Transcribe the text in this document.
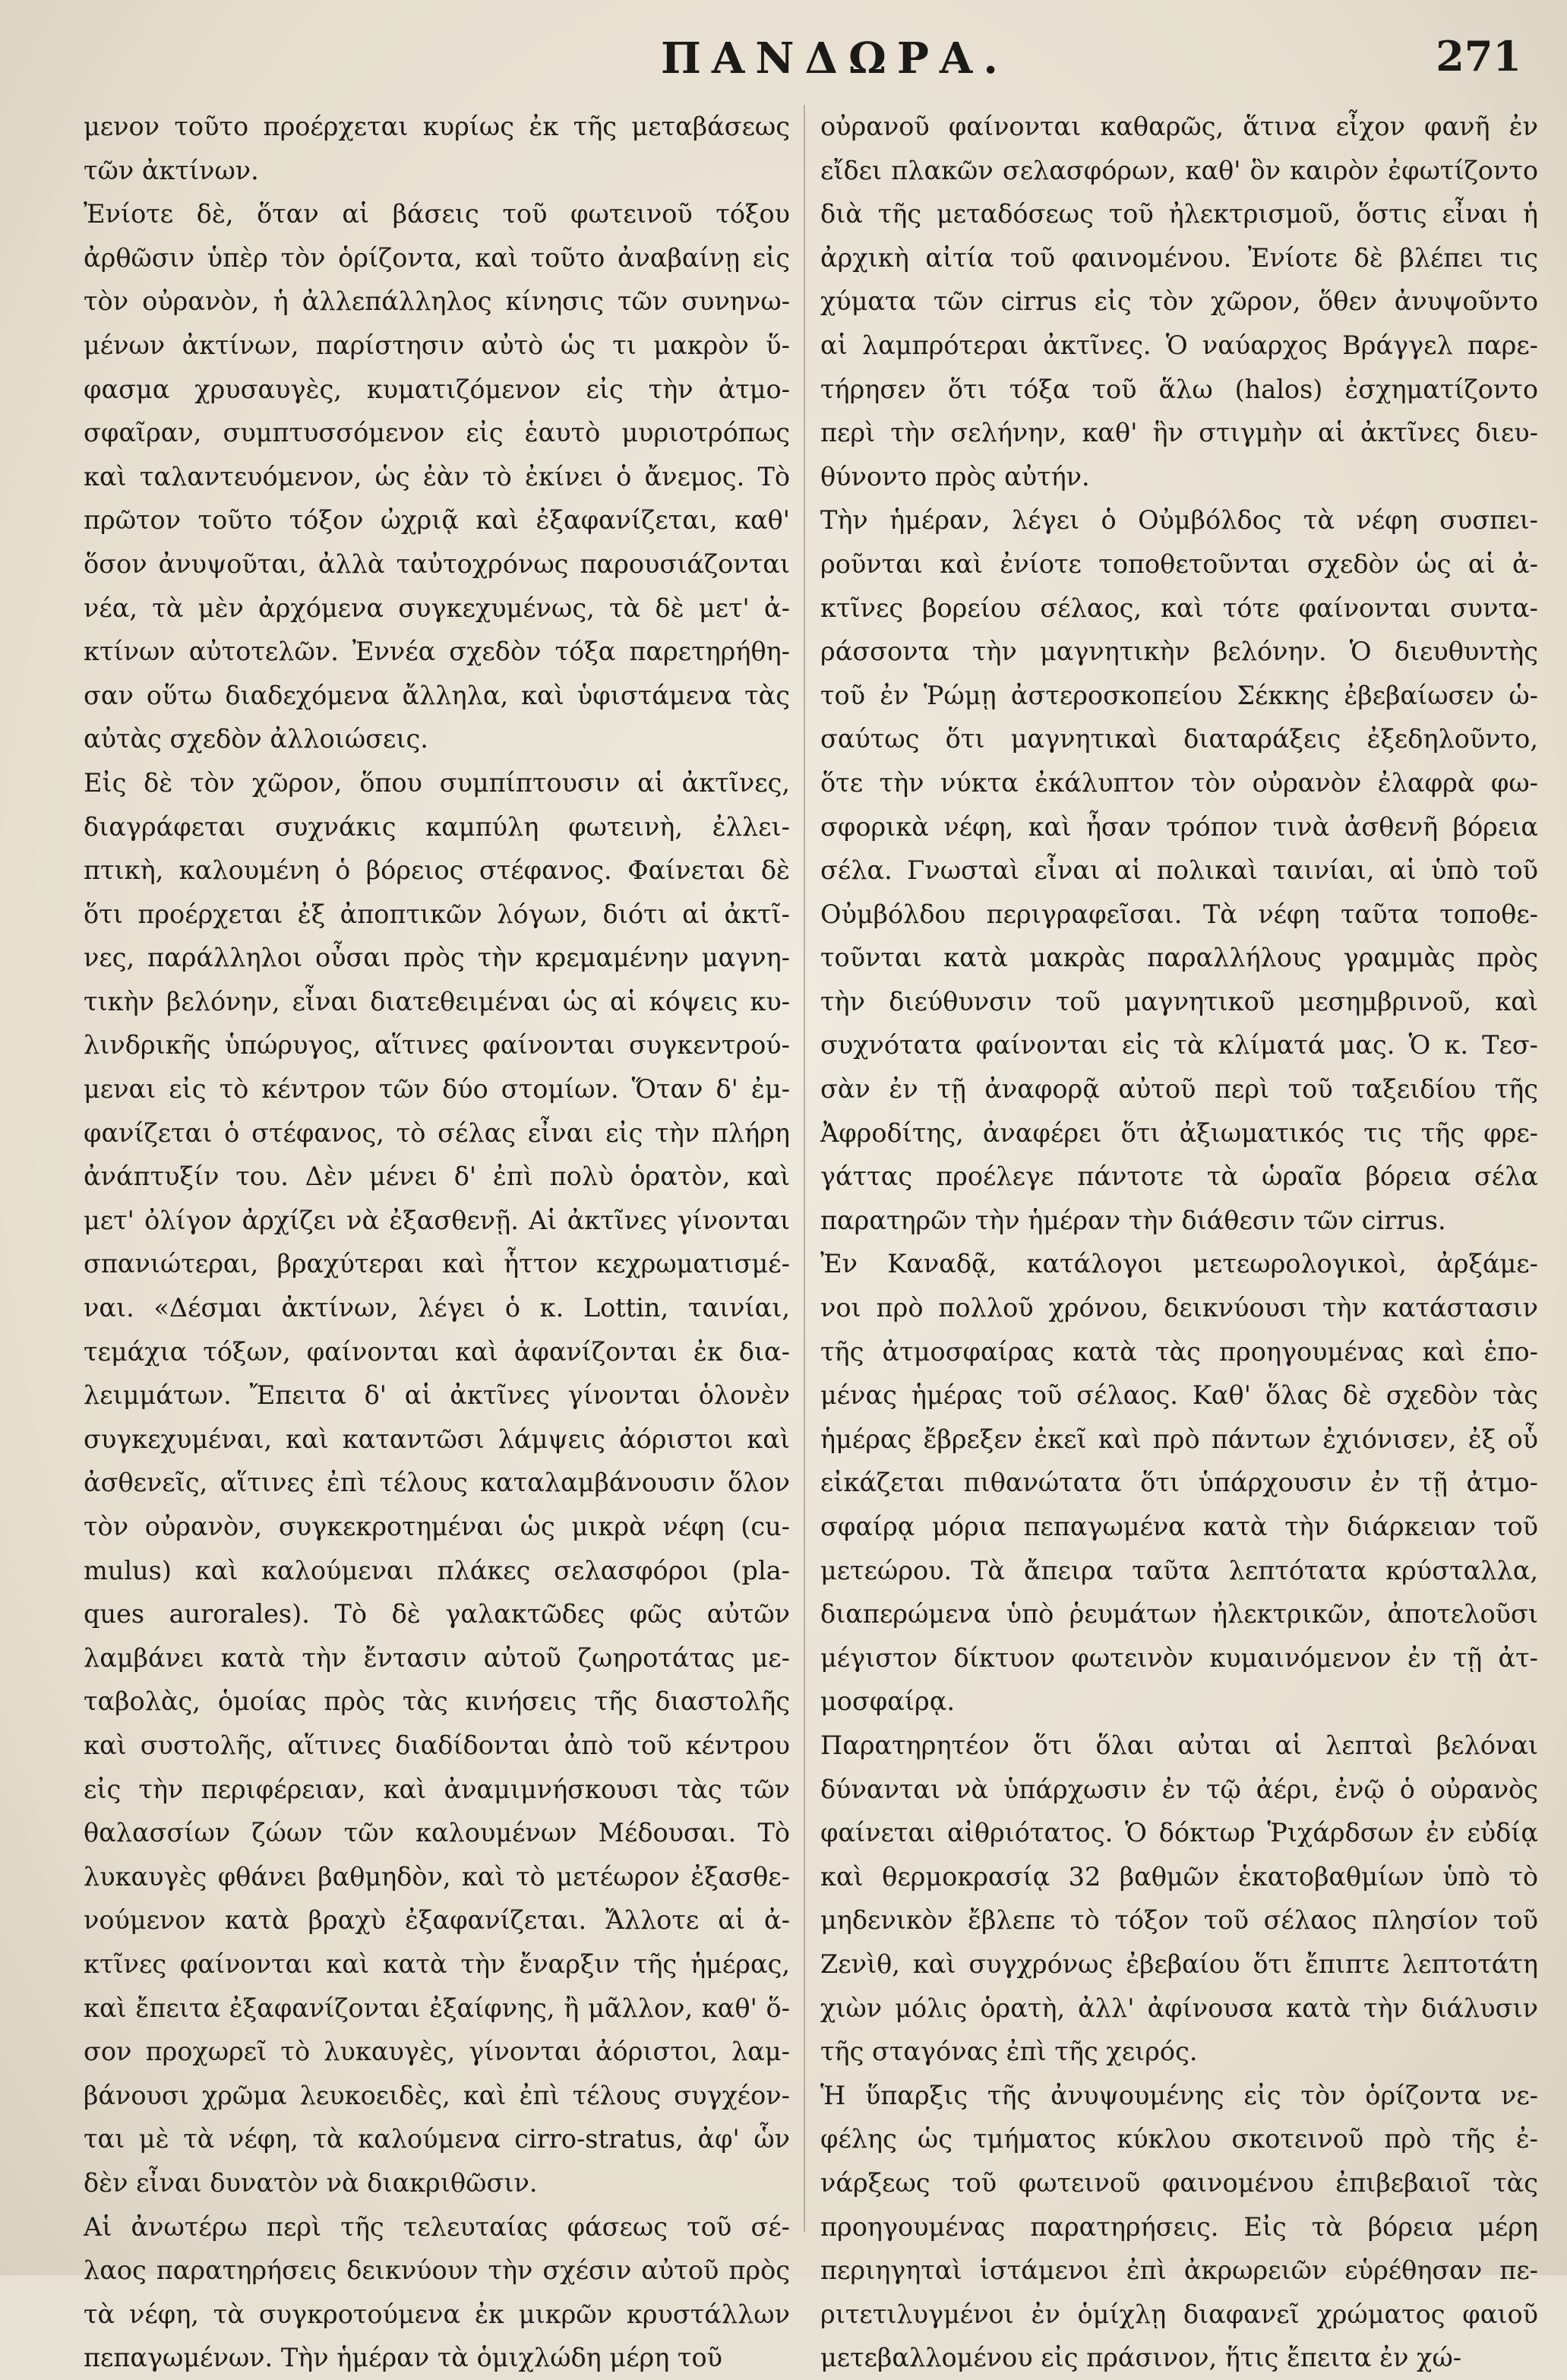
ΠΑΝΔΩΡΑ.	271

μενον τοῦτο προέρχεται κυρίως ἐκ τῆς μεταβάσεως

τῶν ἀκτίνων.

Ἐνίοτε δὲ, ὅταν αἱ βάσεις τοῦ φωτεινοῦ τόξου

ἀρθῶσιν ὑπὲρ τὸν ὁρίζοντα, καὶ τοῦτο ἀναβαίνῃ εἰς

τὸν οὐρανὸν, ἡ ἀλλεπάλληλος κίνησις τῶν συνηνω-

μένων ἀκτίνων, παρίστησιν αὐτὸ ὡς τι μακρὸν ὕ-

φασμα χρυσαυγὲς, κυματιζόμενον εἰς τὴν ἀτμο-

σφαῖραν, συμπτυσσόμενον εἰς ἑαυτὸ μυριοτρόπως

καὶ ταλαντευόμενον, ὡς ἐὰν τὸ ἐκίνει ὁ ἄνεμος. Τὸ

πρῶτον τοῦτο τόξον ὠχριᾷ καὶ ἐξαφανίζεται, καθ'

ὅσον ἀνυψοῦται, ἀλλὰ ταὐτοχρόνως παρουσιάζονται

νέα, τὰ μὲν ἀρχόμενα συγκεχυμένως, τὰ δὲ μετ' ἀ-

κτίνων αὐτοτελῶν. Ἐννέα σχεδὸν τόξα παρετηρήθη-

σαν οὕτω διαδεχόμενα ἄλληλα, καὶ ὑφιστάμενα τὰς

αὐτὰς σχεδὸν ἀλλοιώσεις.

Εἰς δὲ τὸν χῶρον, ὅπου συμπίπτουσιν αἱ ἀκτῖνες,

διαγράφεται συχνάκις καμπύλη φωτεινὴ, ἐλλει-

πτικὴ, καλουμένη ὁ βόρειος στέφανος. Φαίνεται δὲ

ὅτι προέρχεται ἐξ ἀποπτικῶν λόγων, διότι αἱ ἀκτῖ-

νες, παράλληλοι οὖσαι πρὸς τὴν κρεμαμένην μαγνη-

τικὴν βελόνην, εἶναι διατεθειμέναι ὡς αἱ κόψεις κυ-

λινδρικῆς ὑπώρυγος, αἵτινες φαίνονται συγκεντρού-

μεναι εἰς τὸ κέντρον τῶν δύο στομίων. Ὅταν δ' ἐμ-

φανίζεται ὁ στέφανος, τὸ σέλας εἶναι εἰς τὴν πλήρη

ἀνάπτυξίν του. Δὲν μένει δ' ἐπὶ πολὺ ὁρατὸν, καὶ

μετ' ὀλίγον ἀρχίζει νὰ ἐξασθενῇ. Αἱ ἀκτῖνες γίνονται

σπανιώτεραι, βραχύτεραι καὶ ἧττον κεχρωματισμέ-

ναι. «Δέσμαι ἀκτίνων, λέγει ὁ κ. Lottin, ταινίαι,

τεμάχια τόξων, φαίνονται καὶ ἀφανίζονται ἐκ δια-

λειμμάτων. Ἔπειτα δ' αἱ ἀκτῖνες γίνονται ὁλονὲν

συγκεχυμέναι, καὶ καταντῶσι λάμψεις ἀόριστοι καὶ

ἀσθενεῖς, αἵτινες ἐπὶ τέλους καταλαμβάνουσιν ὅλον

τὸν οὐρανὸν, συγκεκροτημέναι ὡς μικρὰ νέφη (cu-

mulus) καὶ καλούμεναι πλάκες σελασφόροι (pla-

ques aurorales). Τὸ δὲ γαλακτῶδες φῶς αὐτῶν

λαμβάνει κατὰ τὴν ἔντασιν αὐτοῦ ζωηροτάτας με-

ταβολὰς, ὁμοίας πρὸς τὰς κινήσεις τῆς διαστολῆς

καὶ συστολῆς, αἵτινες διαδίδονται ἀπὸ τοῦ κέντρου

εἰς τὴν περιφέρειαν, καὶ ἀναμιμνήσκουσι τὰς τῶν

θαλασσίων ζώων τῶν καλουμένων Μέδουσαι. Τὸ

λυκαυγὲς φθάνει βαθμηδὸν, καὶ τὸ μετέωρον ἐξασθε-

νούμενον κατὰ βραχὺ ἐξαφανίζεται. Ἄλλοτε αἱ ἀ-

κτῖνες φαίνονται καὶ κατὰ τὴν ἔναρξιν τῆς ἡμέρας,

καὶ ἔπειτα ἐξαφανίζονται ἐξαίφνης, ἢ μᾶλλον, καθ' ὅ-

σον προχωρεῖ τὸ λυκαυγὲς, γίνονται ἀόριστοι, λαμ-

βάνουσι χρῶμα λευκοειδὲς, καὶ ἐπὶ τέλους συγχέον-

ται μὲ τὰ νέφη, τὰ καλούμενα cirro-stratus, ἀφ' ὧν

δὲν εἶναι δυνατὸν νὰ διακριθῶσιν.

Αἱ ἀνωτέρω περὶ τῆς τελευταίας φάσεως τοῦ σέ-

λαος παρατηρήσεις δεικνύουν τὴν σχέσιν αὐτοῦ πρὸς

τὰ νέφη, τὰ συγκροτούμενα ἐκ μικρῶν κρυστάλλων

πεπαγωμένων. Τὴν ἡμέραν τὰ ὁμιχλώδη μέρη τοῦ

οὐρανοῦ φαίνονται καθαρῶς, ἅτινα εἶχον φανῆ ἐν

εἴδει πλακῶν σελασφόρων, καθ' ὃν καιρὸν ἐφωτίζοντο

διὰ τῆς μεταδόσεως τοῦ ἠλεκτρισμοῦ, ὅστις εἶναι ἡ

ἀρχικὴ αἰτία τοῦ φαινομένου. Ἐνίοτε δὲ βλέπει τις

χύματα τῶν cirrus εἰς τὸν χῶρον, ὅθεν ἀνυψοῦντο

αἱ λαμπρότεραι ἀκτῖνες. Ὁ ναύαρχος Βράγγελ παρε-

τήρησεν ὅτι τόξα τοῦ ἅλω (halos) ἐσχηματίζοντο

περὶ τὴν σελήνην, καθ' ἣν στιγμὴν αἱ ἀκτῖνες διευ-

θύνοντο πρὸς αὐτήν.

Τὴν ἡμέραν, λέγει ὁ Οὐμβόλδος τὰ νέφη συσπει-

ροῦνται καὶ ἐνίοτε τοποθετοῦνται σχεδὸν ὡς αἱ ἀ-

κτῖνες βορείου σέλαος, καὶ τότε φαίνονται συντα-

ράσσοντα τὴν μαγνητικὴν βελόνην. Ὁ διευθυντὴς

τοῦ ἐν Ῥώμῃ ἀστεροσκοπείου Σέκκης ἐβεβαίωσεν ὡ-

σαύτως ὅτι μαγνητικαὶ διαταράξεις ἐξεδηλοῦντο,

ὅτε τὴν νύκτα ἐκάλυπτον τὸν οὐρανὸν ἐλαφρὰ φω-

σφορικὰ νέφη, καὶ ἦσαν τρόπον τινὰ ἀσθενῆ βόρεια

σέλα. Γνωσταὶ εἶναι αἱ πολικαὶ ταινίαι, αἱ ὑπὸ τοῦ

Οὐμβόλδου περιγραφεῖσαι. Τὰ νέφη ταῦτα τοποθε-

τοῦνται κατὰ μακρὰς παραλλήλους γραμμὰς πρὸς

τὴν διεύθυνσιν τοῦ μαγνητικοῦ μεσημβρινοῦ, καὶ

συχνότατα φαίνονται εἰς τὰ κλίματά μας. Ὁ κ. Τεσ-

σὰν ἐν τῇ ἀναφορᾷ αὐτοῦ περὶ τοῦ ταξειδίου τῆς

Ἀφροδίτης, ἀναφέρει ὅτι ἀξιωματικός τις τῆς φρε-

γάττας προέλεγε πάντοτε τὰ ὡραῖα βόρεια σέλα

παρατηρῶν τὴν ἡμέραν τὴν διάθεσιν τῶν cirrus.

Ἐν Καναδᾷ, κατάλογοι μετεωρολογικοὶ, ἀρξάμε-

νοι πρὸ πολλοῦ χρόνου, δεικνύουσι τὴν κατάστασιν

τῆς ἀτμοσφαίρας κατὰ τὰς προηγουμένας καὶ ἑπο-

μένας ἡμέρας τοῦ σέλαος. Καθ' ὅλας δὲ σχεδὸν τὰς

ἡμέρας ἔβρεξεν ἐκεῖ καὶ πρὸ πάντων ἐχιόνισεν, ἐξ οὗ

εἰκάζεται πιθανώτατα ὅτι ὑπάρχουσιν ἐν τῇ ἀτμο-

σφαίρᾳ μόρια πεπαγωμένα κατὰ τὴν διάρκειαν τοῦ

μετεώρου. Τὰ ἄπειρα ταῦτα λεπτότατα κρύσταλλα,

διαπερώμενα ὑπὸ ῥευμάτων ἠλεκτρικῶν, ἀποτελοῦσι

μέγιστον δίκτυον φωτεινὸν κυμαινόμενον ἐν τῇ ἀτ-

μοσφαίρᾳ.

Παρατηρητέον ὅτι ὅλαι αὐται αἱ λεπταὶ βελόναι

δύνανται νὰ ὑπάρχωσιν ἐν τῷ ἀέρι, ἐνῷ ὁ οὐρανὸς

φαίνεται αἰθριότατος. Ὁ δόκτωρ Ῥιχάρδσων ἐν εὐδίᾳ

καὶ θερμοκρασίᾳ 32 βαθμῶν ἑκατοβαθμίων ὑπὸ τὸ

μηδενικὸν ἔβλεπε τὸ τόξον τοῦ σέλαος πλησίον τοῦ

Ζενὶθ, καὶ συγχρόνως ἐβεβαίου ὅτι ἔπιπτε λεπτοτάτη

χιὼν μόλις ὁρατὴ, ἀλλ' ἀφίνουσα κατὰ τὴν διάλυσιν

τῆς σταγόνας ἐπὶ τῆς χειρός.

Ἡ ὕπαρξις τῆς ἀνυψουμένης εἰς τὸν ὁρίζοντα νε-

φέλης ὡς τμήματος κύκλου σκοτεινοῦ πρὸ τῆς ἐ-

νάρξεως τοῦ φωτεινοῦ φαινομένου ἐπιβεβαιοῖ τὰς

προηγουμένας παρατηρήσεις. Εἰς τὰ βόρεια μέρη

περιηγηταὶ ἱστάμενοι ἐπὶ ἀκρωρειῶν εὑρέθησαν πε-

ριτετιλυγμένοι ἐν ὁμίχλῃ διαφανεῖ χρώματος φαιοῦ

μετεβαλλομένου εἰς πράσινον, ἥτις ἔπειτα ἐν χώ-
